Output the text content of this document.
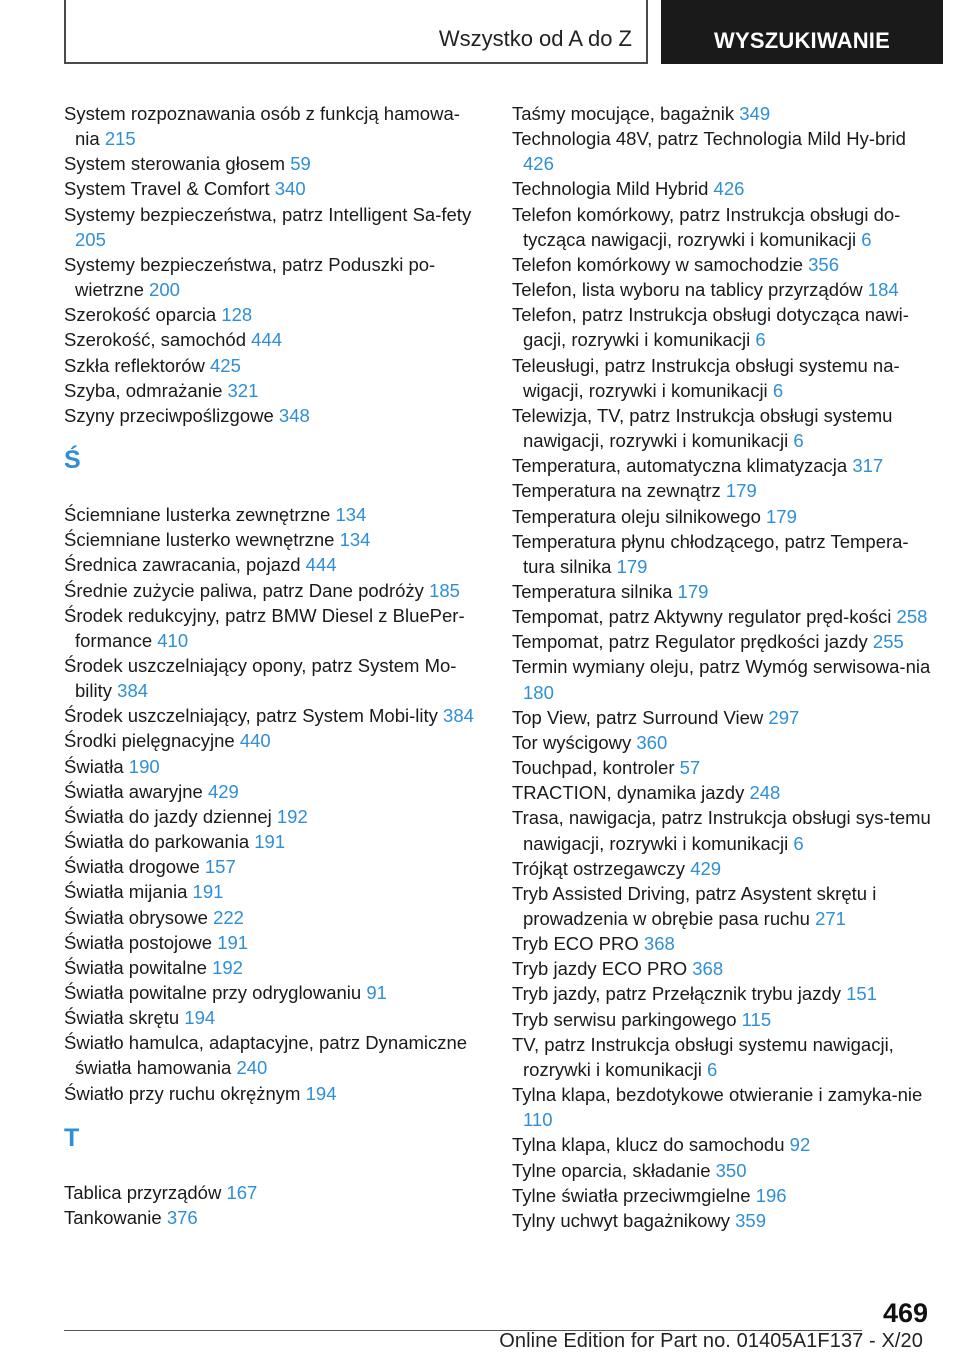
Wszystko od A do Z	WYSZUKIWANIE
System rozpoznawania osób z funkcją hamowa-nia 215
System sterowania głosem 59
System Travel & Comfort 340
Systemy bezpieczeństwa, patrz Intelligent Sa-fety 205
Systemy bezpieczeństwa, patrz Poduszki po-wietrzne 200
Szerokość oparcia 128
Szerokość, samochód 444
Szkła reflektorów 425
Szyba, odmrażanie 321
Szyny przeciwpoślizgowe 348
Ś
Ściemniane lusterka zewnętrzne 134
Ściemniane lusterko wewnętrzne 134
Średnica zawracania, pojazd 444
Średnie zużycie paliwa, patrz Dane podróży 185
Środek redukcyjny, patrz BMW Diesel z BluePer-formance 410
Środek uszczelniający opony, patrz System Mo-bility 384
Środek uszczelniający, patrz System Mobi-lity 384
Środki pielęgnacyjne 440
Światła 190
Światła awaryjne 429
Światła do jazdy dziennej 192
Światła do parkowania 191
Światła drogowe 157
Światła mijania 191
Światła obrysowe 222
Światła postojowe 191
Światła powitalne 192
Światła powitalne przy odryglowaniu 91
Światła skrętu 194
Światło hamulca, adaptacyjne, patrz Dynamiczne światła hamowania 240
Światło przy ruchu okrężnym 194
T
Tablica przyrządów 167
Tankowanie 376
Taśmy mocujące, bagażnik 349
Technologia 48V, patrz Technologia Mild Hy-brid 426
Technologia Mild Hybrid 426
Telefon komórkowy, patrz Instrukcja obsługi do-tycząca nawigacji, rozrywki i komunikacji 6
Telefon komórkowy w samochodzie 356
Telefon, lista wyboru na tablicy przyrządów 184
Telefon, patrz Instrukcja obsługi dotycząca nawi-gacji, rozrywki i komunikacji 6
Teleusługi, patrz Instrukcja obsługi systemu na-wigacji, rozrywki i komunikacji 6
Telewizja, TV, patrz Instrukcja obsługi systemu nawigacji, rozrywki i komunikacji 6
Temperatura, automatyczna klimatyzacja 317
Temperatura na zewnątrz 179
Temperatura oleju silnikowego 179
Temperatura płynu chłodzącego, patrz Tempera-tura silnika 179
Temperatura silnika 179
Tempomat, patrz Aktywny regulator pręd-kości 258
Tempomat, patrz Regulator prędkości jazdy 255
Termin wymiany oleju, patrz Wymóg serwisowa-nia 180
Top View, patrz Surround View 297
Tor wyścigowy 360
Touchpad, kontroler 57
TRACTION, dynamika jazdy 248
Trasa, nawigacja, patrz Instrukcja obsługi sys-temu nawigacji, rozrywki i komunikacji 6
Trójkąt ostrzegawczy 429
Tryb Assisted Driving, patrz Asystent skrętu i prowadzenia w obrębie pasa ruchu 271
Tryb ECO PRO 368
Tryb jazdy ECO PRO 368
Tryb jazdy, patrz Przełącznik trybu jazdy 151
Tryb serwisu parkingowego 115
TV, patrz Instrukcja obsługi systemu nawigacji, rozrywki i komunikacji 6
Tylna klapa, bezdotykowe otwieranie i zamyka-nie 110
Tylna klapa, klucz do samochodu 92
Tylne oparcia, składanie 350
Tylne światła przeciwmgielne 196
Tylny uchwyt bagażnikowy 359
469
Online Edition for Part no. 01405A1F137 - X/20
